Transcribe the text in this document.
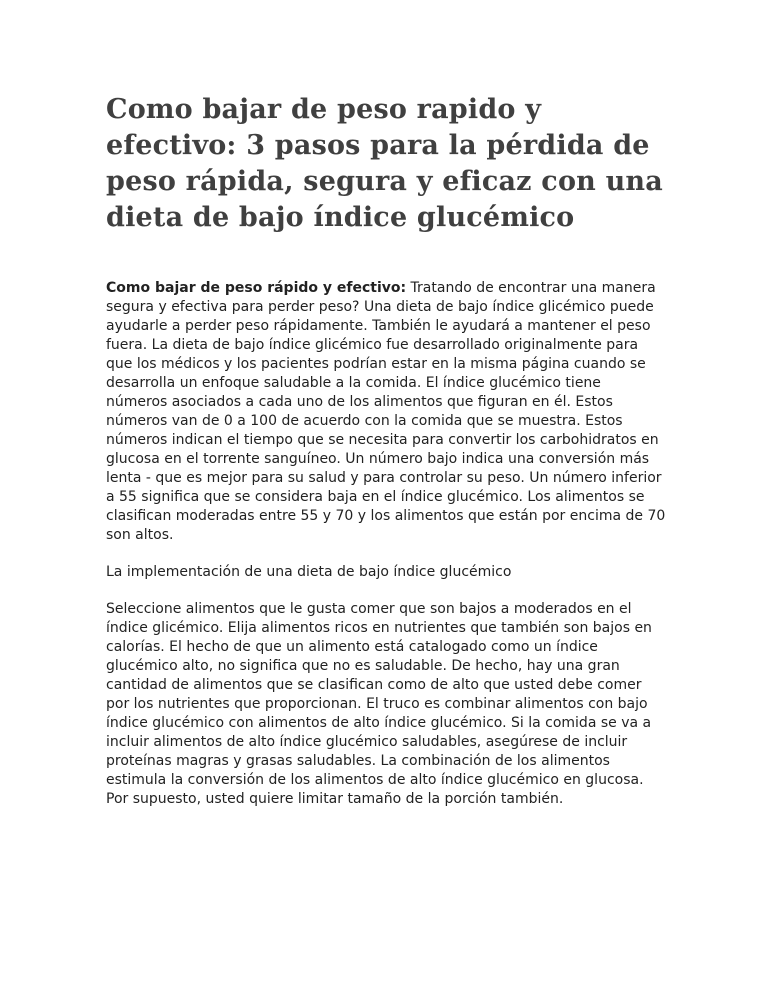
Como bajar de peso rapido y efectivo: 3 pasos para la pérdida de peso rápida, segura y eficaz con una dieta de bajo índice glucémico

Como bajar de peso rápido y efectivo: Tratando de encontrar una manera segura y efectiva para perder peso? Una dieta de bajo índice glicémico puede ayudarle a perder peso rápidamente. También le ayudará a mantener el peso fuera. La dieta de bajo índice glicémico fue desarrollado originalmente para que los médicos y los pacientes podrían estar en la misma página cuando se desarrolla un enfoque saludable a la comida. El índice glucémico tiene números asociados a cada uno de los alimentos que figuran en él. Estos números van de 0 a 100 de acuerdo con la comida que se muestra. Estos números indican el tiempo que se necesita para convertir los carbohidratos en glucosa en el torrente sanguíneo. Un número bajo indica una conversión más lenta - que es mejor para su salud y para controlar su peso. Un número inferior a 55 significa que se considera baja en el índice glucémico. Los alimentos se clasifican moderadas entre 55 y 70 y los alimentos que están por encima de 70 son altos.

La implementación de una dieta de bajo índice glucémico

Seleccione alimentos que le gusta comer que son bajos a moderados en el índice glicémico. Elija alimentos ricos en nutrientes que también son bajos en calorías. El hecho de que un alimento está catalogado como un índice glucémico alto, no significa que no es saludable. De hecho, hay una gran cantidad de alimentos que se clasifican como de alto que usted debe comer por los nutrientes que proporcionan. El truco es combinar alimentos con bajo índice glucémico con alimentos de alto índice glucémico. Si la comida se va a incluir alimentos de alto índice glucémico saludables, asegúrese de incluir proteínas magras y grasas saludables. La combinación de los alimentos estimula la conversión de los alimentos de alto índice glucémico en glucosa. Por supuesto, usted quiere limitar tamaño de la porción también.
